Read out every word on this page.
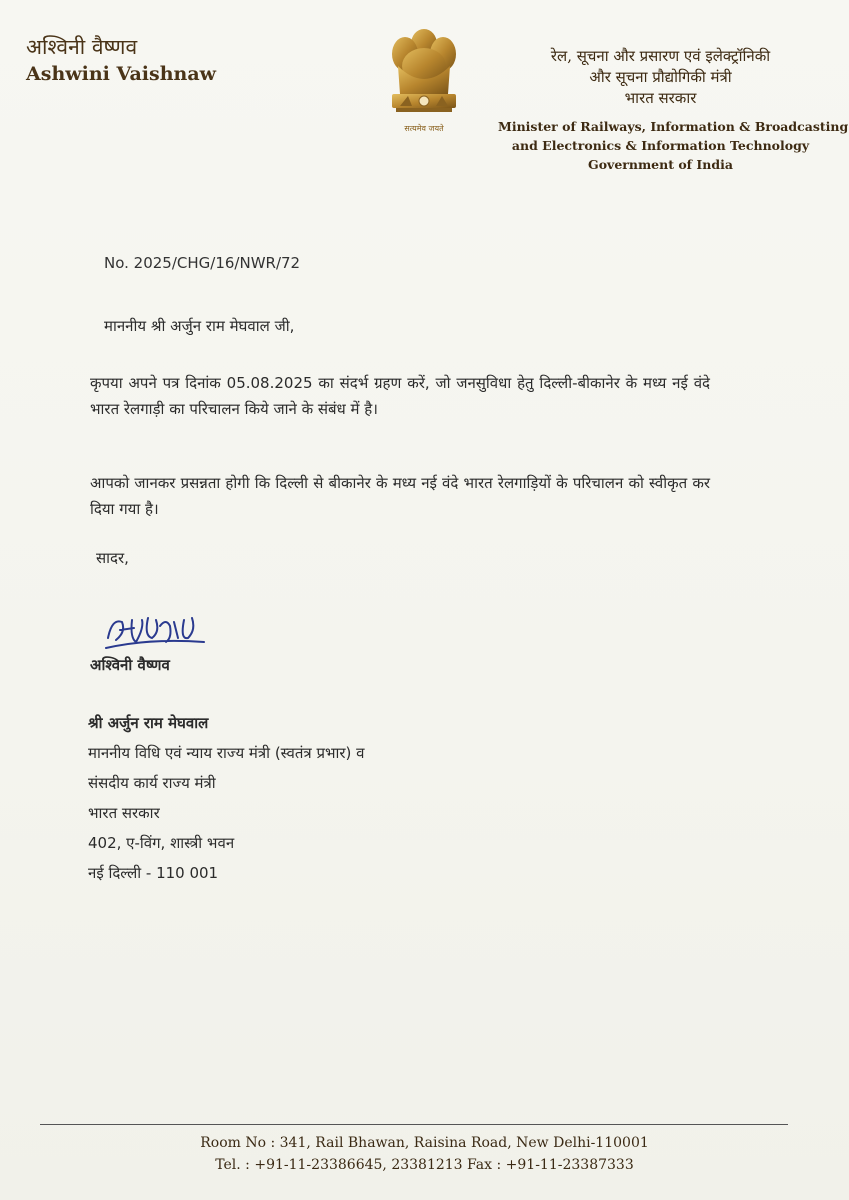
अश्विनी वैष्णव
Ashwini Vaishnaw
सत्यमेव जयते
रेल, सूचना और प्रसारण एवं इलेक्ट्रॉनिकी
और सूचना प्रौद्योगिकी मंत्री
भारत सरकार
Minister of Railways, Information & Broadcasting
and Electronics & Information Technology
Government of India
No. 2025/CHG/16/NWR/72
माननीय श्री अर्जुन राम मेघवाल जी,
कृपया अपने पत्र दिनांक 05.08.2025 का संदर्भ ग्रहण करें, जो जनसुविधा हेतु दिल्ली-बीकानेर के मध्य नई वंदे भारत रेलगाड़ी का परिचालन किये जाने के संबंध में है।
आपको जानकर प्रसन्नता होगी कि दिल्ली से बीकानेर के मध्य नई वंदे भारत रेलगाड़ियों के परिचालन को स्वीकृत कर दिया गया है।
सादर,
अश्विनी वैष्णव
श्री अर्जुन राम मेघवाल
माननीय विधि एवं न्याय राज्य मंत्री (स्वतंत्र प्रभार) व
संसदीय कार्य राज्य मंत्री
भारत सरकार
402, ए-विंग, शास्त्री भवन
नई दिल्ली - 110 001
Room No : 341, Rail Bhawan, Raisina Road, New Delhi-110001
Tel. : +91-11-23386645, 23381213 Fax : +91-11-23387333
